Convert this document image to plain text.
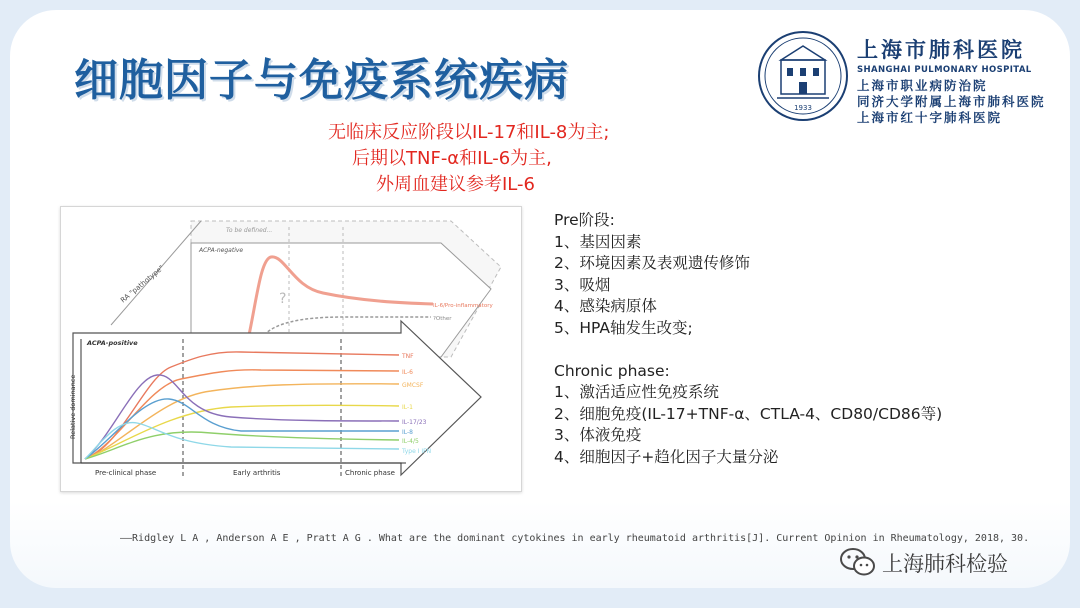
细胞因子与免疫系统疾病
1933
上海市肺科医院
SHANGHAI PULMONARY HOSPITAL
上海市职业病防治院
同济大学附属上海市肺科医院
上海市红十字肺科医院
无临床反应阶段以IL-17和IL-8为主;
后期以TNF-α和IL-6为主,
外周血建议参考IL-6
RA "pathotype"
To be defined...
ACPA-negative
?	IL-6/Pro-inflammatory
?Other
ACPA-positive
Relative dominance
TNF
IL-6
GMCSF
IL-1
IL-17/23
IL-8
IL-4/5
Type I IFN
Pre-clinical phase	Early arthritis	Chronic phase
Pre阶段:
1、基因因素
2、环境因素及表观遗传修饰
3、吸烟
4、感染病原体
5、HPA轴发生改变;
Chronic phase:
1、激活适应性免疫系统
2、细胞免疫(IL-17+TNF-α、CTLA-4、CD80/CD86等)
3、体液免疫
4、细胞因子+趋化因子大量分泌
——Ridgley L A , Anderson A E , Pratt A G . What are the dominant cytokines in early rheumatoid arthritis[J]. Current Opinion in Rheumatology, 2018, 30.
上海肺科检验
